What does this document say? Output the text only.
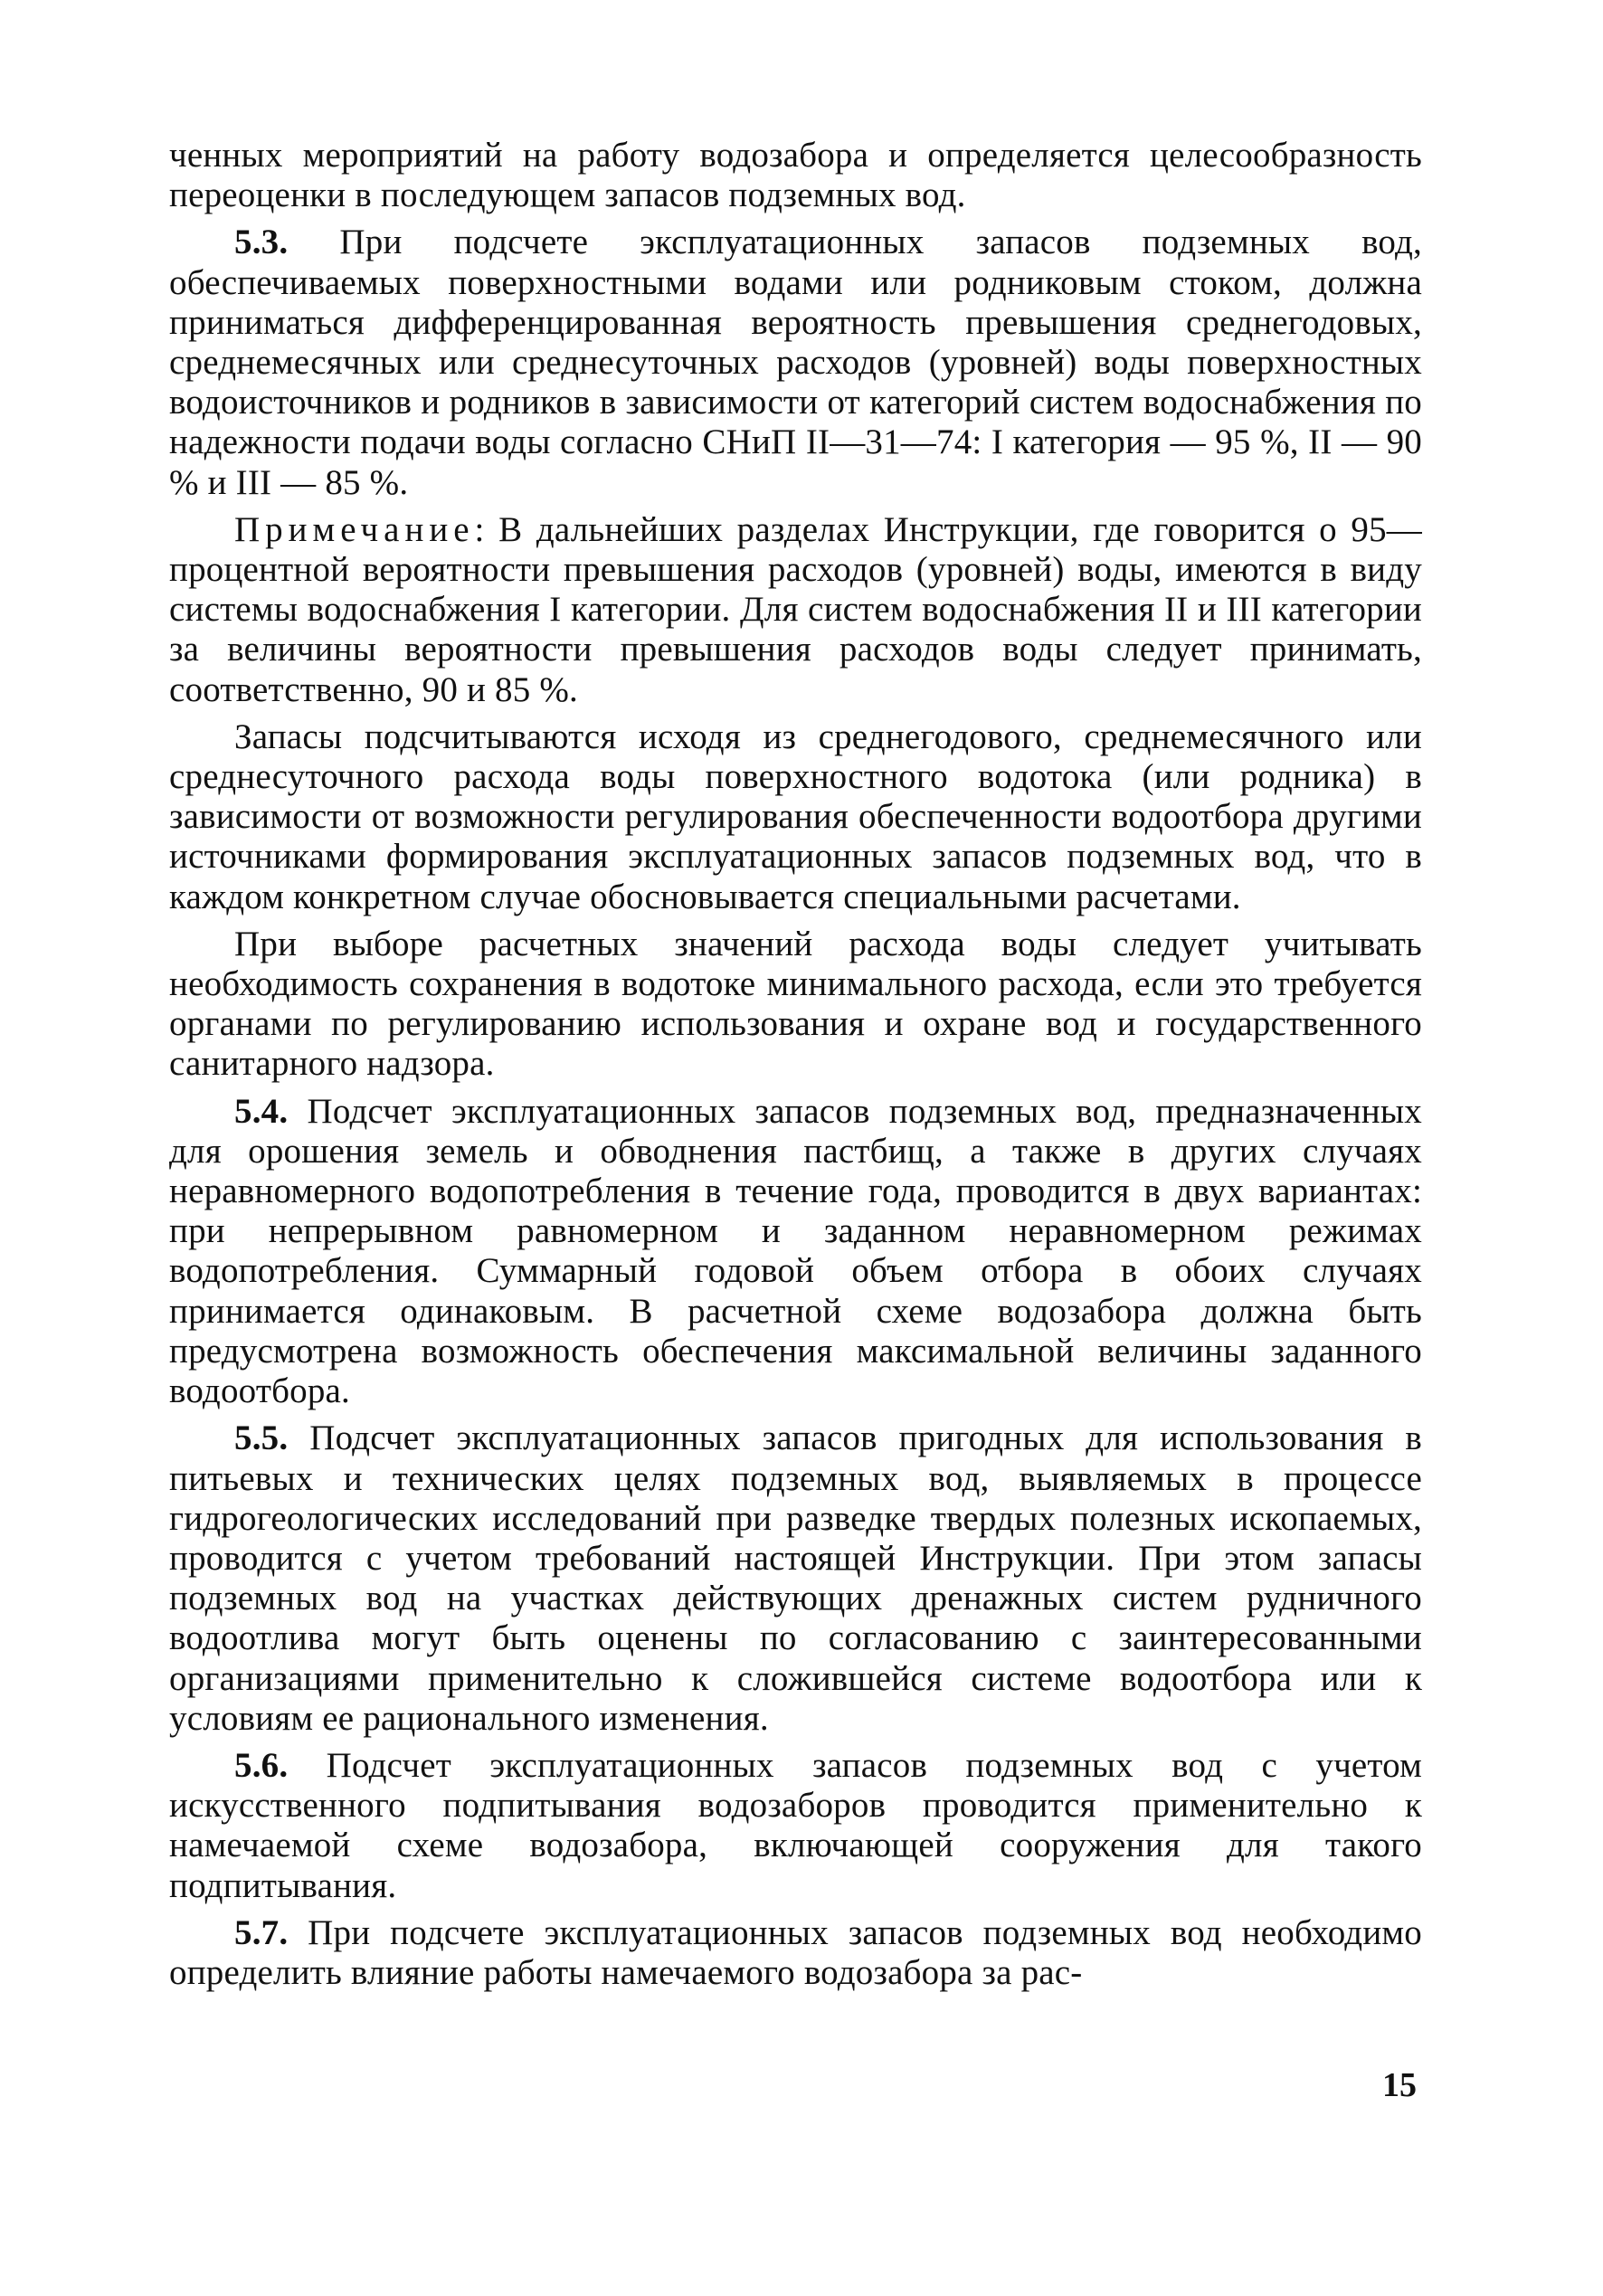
ченных мероприятий на работу водозабора и определяется целесообразность переоценки в последующем запасов подземных вод.

5.3. При подсчете эксплуатационных запасов подземных вод, обеспечиваемых поверхностными водами или родниковым стоком, должна приниматься дифференцированная вероятность превышения среднегодовых, среднемесячных или среднесуточных расходов (уровней) воды поверхностных водоисточников и родников в зависимости от категорий систем водоснабжения по надежности подачи воды согласно СНиП II—31—74: I категория — 95 %, II — 90 % и III — 85 %.

Примечание: В дальнейших разделах Инструкции, где говорится о 95—процентной вероятности превышения расходов (уровней) воды, имеются в виду системы водоснабжения I категории. Для систем водоснабжения II и III категории за величины вероятности превышения расходов воды следует принимать, соответственно, 90 и 85 %.

Запасы подсчитываются исходя из среднегодового, среднемесячного или среднесуточного расхода воды поверхностного водотока (или родника) в зависимости от возможности регулирования обеспеченности водоотбора другими источниками формирования эксплуатационных запасов подземных вод, что в каждом конкретном случае обосновывается специальными расчетами.

При выборе расчетных значений расхода воды следует учитывать необходимость сохранения в водотоке минимального расхода, если это требуется органами по регулированию использования и охране вод и государственного санитарного надзора.

5.4. Подсчет эксплуатационных запасов подземных вод, предназначенных для орошения земель и обводнения пастбищ, а также в других случаях неравномерного водопотребления в течение года, проводится в двух вариантах: при непрерывном равномерном и заданном неравномерном режимах водопотребления. Суммарный годовой объем отбора в обоих случаях принимается одинаковым. В расчетной схеме водозабора должна быть предусмотрена возможность обеспечения максимальной величины заданного водоотбора.

5.5. Подсчет эксплуатационных запасов пригодных для использования в питьевых и технических целях подземных вод, выявляемых в процессе гидрогеологических исследований при разведке твердых полезных ископаемых, проводится с учетом требований настоящей Инструкции. При этом запасы подземных вод на участках действующих дренажных систем рудничного водоотлива могут быть оценены по согласованию с заинтересованными организациями применительно к сложившейся системе водоотбора или к условиям ее рационального изменения.

5.6. Подсчет эксплуатационных запасов подземных вод с учетом искусственного подпитывания водозаборов проводится применительно к намечаемой схеме водозабора, включающей сооружения для такого подпитывания.

5.7. При подсчете эксплуатационных запасов подземных вод необходимо определить влияние работы намечаемого водозабора за рас-

15
